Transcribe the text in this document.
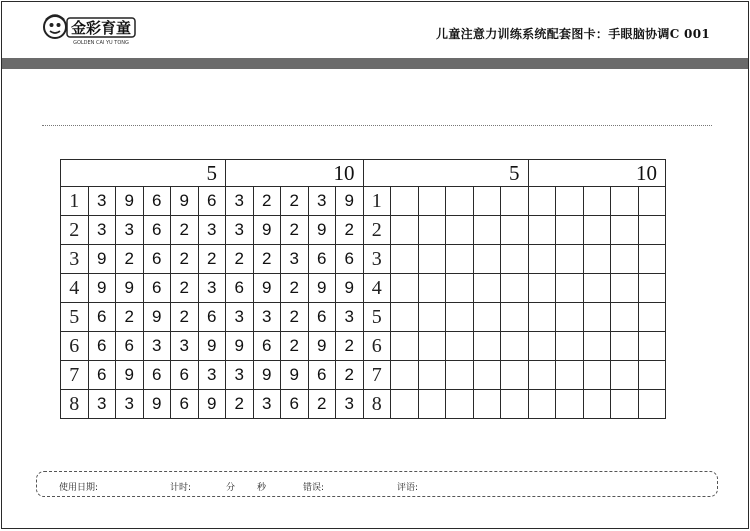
金彩育童
GOLDEN CAI YU TONG
儿童注意力训练系统配套图卡：手眼脑协调C 001
5						10					5						10				
1	3	9	6	9	6	3	2	2	3	9	1										
2	3	3	6	2	3	3	9	2	9	2	2										
3	9	2	6	2	2	2	2	3	6	6	3										
4	9	9	6	2	3	6	9	2	9	9	4										
5	6	2	9	2	6	3	3	2	6	3	5										
6	6	6	3	3	9	9	6	2	9	2	6										
7	6	9	6	6	3	3	9	9	6	2	7										
8	3	3	9	6	9	2	3	6	2	3	8										
使用日期:	计时:	分 秒	错误:	评语:
